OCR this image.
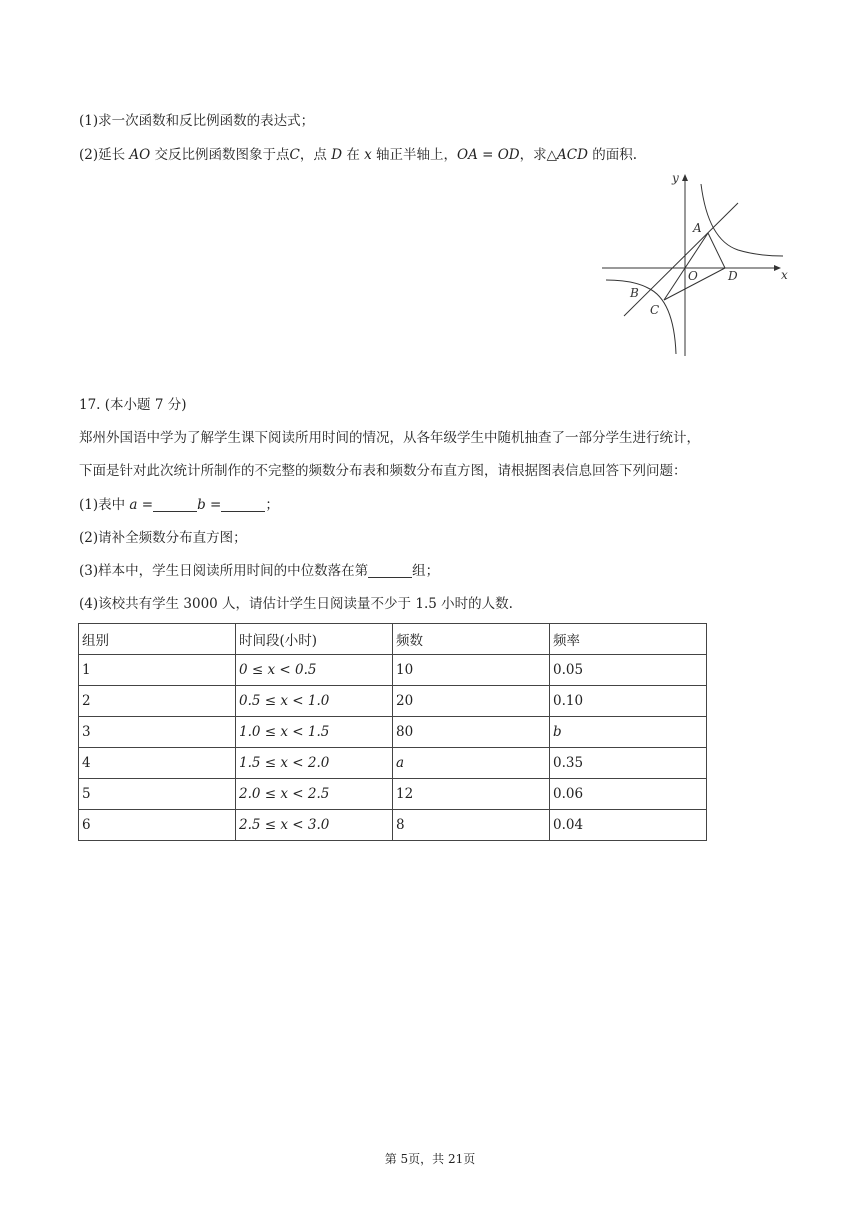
(1)求一次函数和反比例函数的表达式；
(2)延长 AO 交反比例函数图象于点C，点 D 在 x 轴正半轴上，OA = OD，求△ACD 的面积.
y
x
A
O	D
B
C
17. (本小题 7 分)
郑州外国语中学为了解学生课下阅读所用时间的情况，从各年级学生中随机抽查了一部分学生进行统计，
下面是针对此次统计所制作的不完整的频数分布表和频数分布直方图，请根据图表信息回答下列问题：
(1)表中 a =	b =	；
(2)请补全频数分布直方图；
(3)样本中，学生日阅读所用时间的中位数落在第	组；
(4)该校共有学生 3000 人，请估计学生日阅读量不少于 1.5 小时的人数.
组别	时间段(小时)	频数	频率
1	0 ≤ x < 0.5	10	0.05
2	0.5 ≤ x < 1.0	20	0.10
3	1.0 ≤ x < 1.5	80	b
4	1.5 ≤ x < 2.0	a	0.35
5	2.0 ≤ x < 2.5	12	0.06
6	2.5 ≤ x < 3.0	8	0.04
第 5页，共 21页
